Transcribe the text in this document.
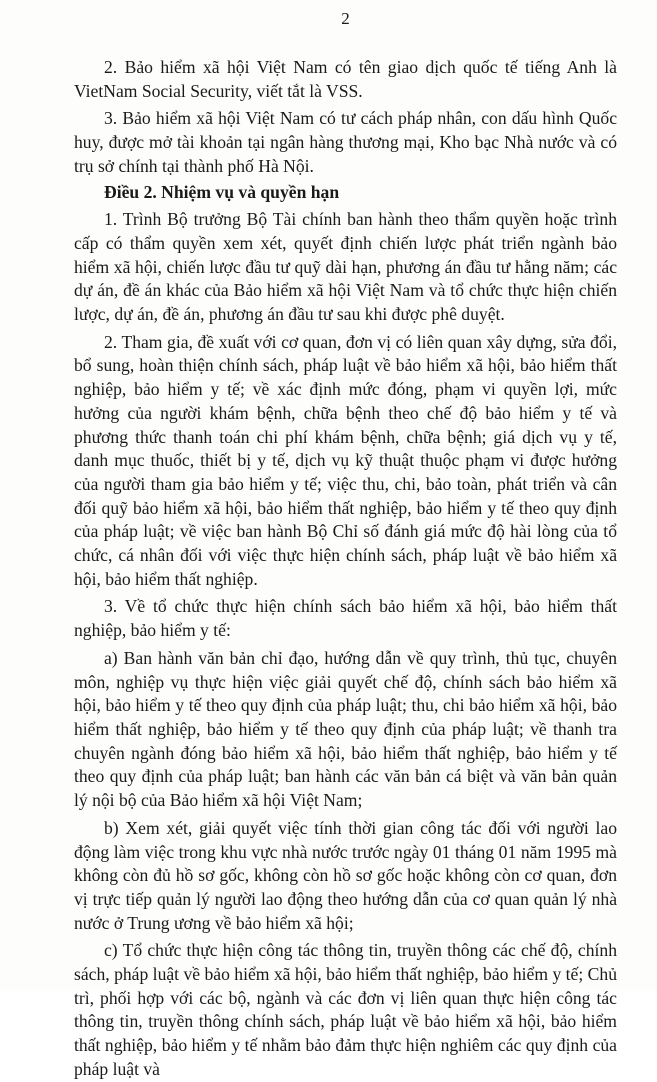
2

2. Bảo hiểm xã hội Việt Nam có tên giao dịch quốc tế tiếng Anh là VietNam Social Security, viết tắt là VSS.

3. Bảo hiểm xã hội Việt Nam có tư cách pháp nhân, con dấu hình Quốc huy, được mở tài khoản tại ngân hàng thương mại, Kho bạc Nhà nước và có trụ sở chính tại thành phố Hà Nội.

Điều 2. Nhiệm vụ và quyền hạn

1. Trình Bộ trưởng Bộ Tài chính ban hành theo thẩm quyền hoặc trình cấp có thẩm quyền xem xét, quyết định chiến lược phát triển ngành bảo hiểm xã hội, chiến lược đầu tư quỹ dài hạn, phương án đầu tư hằng năm; các dự án, đề án khác của Bảo hiểm xã hội Việt Nam và tổ chức thực hiện chiến lược, dự án, đề án, phương án đầu tư sau khi được phê duyệt.

2. Tham gia, đề xuất với cơ quan, đơn vị có liên quan xây dựng, sửa đổi, bổ sung, hoàn thiện chính sách, pháp luật về bảo hiểm xã hội, bảo hiểm thất nghiệp, bảo hiểm y tế; về xác định mức đóng, phạm vi quyền lợi, mức hưởng của người khám bệnh, chữa bệnh theo chế độ bảo hiểm y tế và phương thức thanh toán chi phí khám bệnh, chữa bệnh; giá dịch vụ y tế, danh mục thuốc, thiết bị y tế, dịch vụ kỹ thuật thuộc phạm vi được hưởng của người tham gia bảo hiểm y tế; việc thu, chi, bảo toàn, phát triển và cân đối quỹ bảo hiểm xã hội, bảo hiểm thất nghiệp, bảo hiểm y tế theo quy định của pháp luật; về việc ban hành Bộ Chỉ số đánh giá mức độ hài lòng của tổ chức, cá nhân đối với việc thực hiện chính sách, pháp luật về bảo hiểm xã hội, bảo hiểm thất nghiệp.

3. Về tổ chức thực hiện chính sách bảo hiểm xã hội, bảo hiểm thất nghiệp, bảo hiểm y tế:

a) Ban hành văn bản chỉ đạo, hướng dẫn về quy trình, thủ tục, chuyên môn, nghiệp vụ thực hiện việc giải quyết chế độ, chính sách bảo hiểm xã hội, bảo hiểm y tế theo quy định của pháp luật; thu, chi bảo hiểm xã hội, bảo hiểm thất nghiệp, bảo hiểm y tế theo quy định của pháp luật; về thanh tra chuyên ngành đóng bảo hiểm xã hội, bảo hiểm thất nghiệp, bảo hiểm y tế theo quy định của pháp luật; ban hành các văn bản cá biệt và văn bản quản lý nội bộ của Bảo hiểm xã hội Việt Nam;

b) Xem xét, giải quyết việc tính thời gian công tác đối với người lao động làm việc trong khu vực nhà nước trước ngày 01 tháng 01 năm 1995 mà không còn đủ hồ sơ gốc, không còn hồ sơ gốc hoặc không còn cơ quan, đơn vị trực tiếp quản lý người lao động theo hướng dẫn của cơ quan quản lý nhà nước ở Trung ương về bảo hiểm xã hội;

c) Tổ chức thực hiện công tác thông tin, truyền thông các chế độ, chính sách, pháp luật về bảo hiểm xã hội, bảo hiểm thất nghiệp, bảo hiểm y tế; Chủ trì, phối hợp với các bộ, ngành và các đơn vị liên quan thực hiện công tác thông tin, truyền thông chính sách, pháp luật về bảo hiểm xã hội, bảo hiểm thất nghiệp, bảo hiểm y tế nhằm bảo đảm thực hiện nghiêm các quy định của pháp luật và
